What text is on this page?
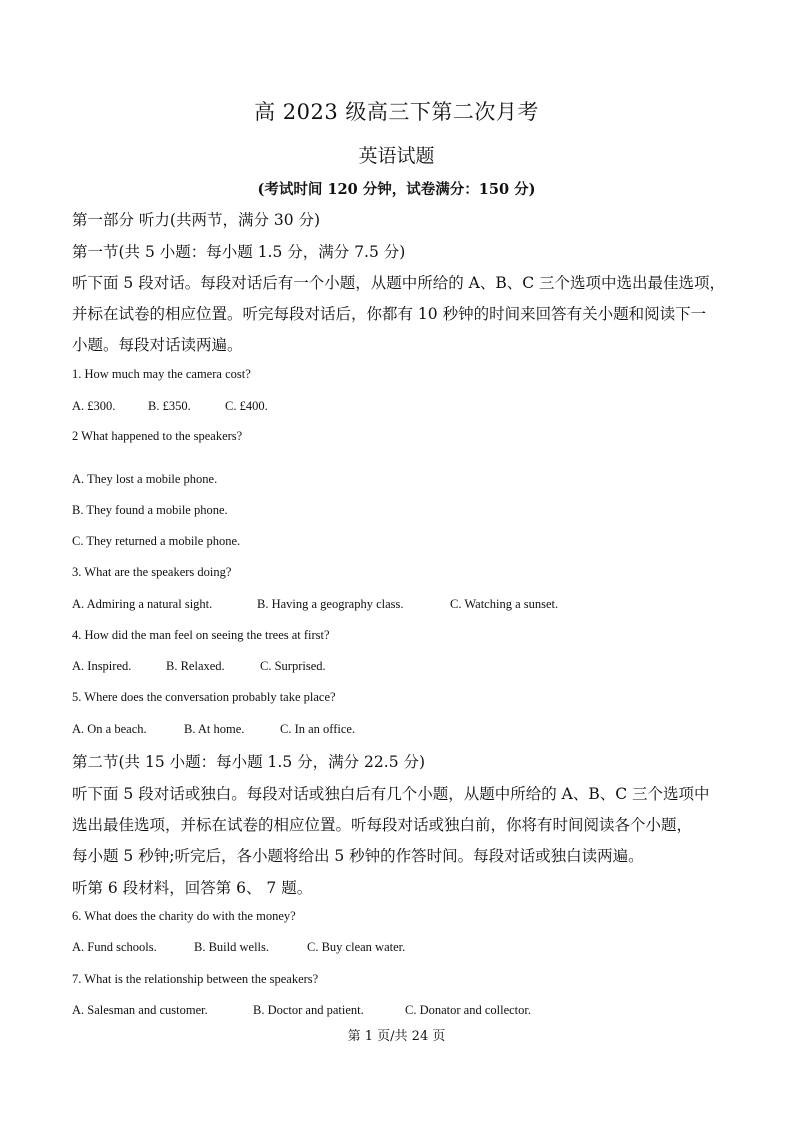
高 2023 级高三下第二次月考
英语试题
(考试时间 120 分钟，试卷满分：150 分)
第一部分 听力(共两节，满分 30 分)
第一节(共 5 小题：每小题 1.5 分，满分 7.5 分)
听下面 5 段对话。每段对话后有一个小题，从题中所给的 A、B、C 三个选项中选出最佳选项，
并标在试卷的相应位置。听完每段对话后，你都有 10 秒钟的时间来回答有关小题和阅读下一
小题。每段对话读两遍。
1. How much may the camera cost?
A. £300.	B. £350.	C. £400.
2 What happened to the speakers?
A. They lost a mobile phone.
B. They found a mobile phone.
C. They returned a mobile phone.
3. What are the speakers doing?
A. Admiring a natural sight.	B. Having a geography class.	C. Watching a sunset.
4. How did the man feel on seeing the trees at first?
A. Inspired.	B. Relaxed.	C. Surprised.
5. Where does the conversation probably take place?
A. On a beach.	B. At home.	C. In an office.
第二节(共 15 小题：每小题 1.5 分，满分 22.5 分)
听下面 5 段对话或独白。每段对话或独白后有几个小题，从题中所给的 A、B、C 三个选项中
选出最佳选项，并标在试卷的相应位置。听每段对话或独白前，你将有时间阅读各个小题，
每小题 5 秒钟;听完后，各小题将给出 5 秒钟的作答时间。每段对话或独白读两遍。
听第 6 段材料，回答第 6、 7 题。
6. What does the charity do with the money?
A. Fund schools.	B. Build wells.	C. Buy clean water.
7. What is the relationship between the speakers?
A. Salesman and customer.	B. Doctor and patient.	C. Donator and collector.
第 1 页/共 24 页
